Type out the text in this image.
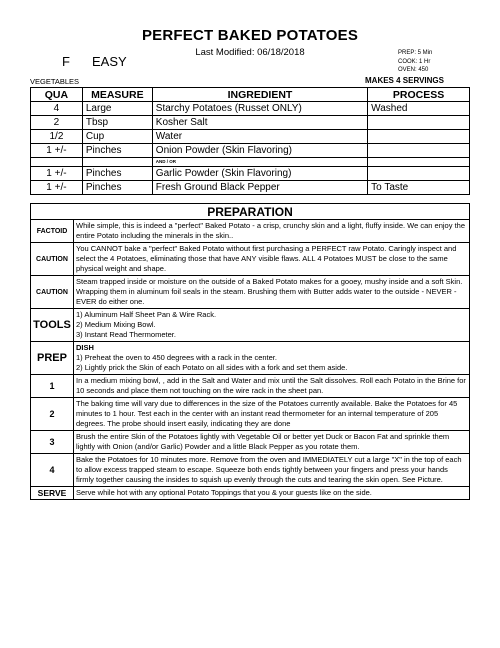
PERFECT BAKED POTATOES
Last Modified: 06/18/2018
F EASY
PREP: 5 Min
COOK: 1 Hr
OVEN: 450
VEGETABLES	MAKES 4 SERVINGS
QUA	MEASURE	INGREDIENT	PROCESS
4	Large	Starchy Potatoes (Russet ONLY)	Washed
2	Tbsp	Kosher Salt	
1/2	Cup	Water	
1 +/-	Pinches	Onion Powder (Skin Flavoring)	
		AND / OR	
1 +/-	Pinches	Garlic Powder (Skin Flavoring)	
1 +/-	Pinches	Fresh Ground Black Pepper	To Taste
PREPARATION	
FACTOID	While simple, this is indeed a "perfect" Baked Potato - a crisp, crunchy skin and a light, fluffy inside. We can enjoy the entire Potato including the minerals in the skin..
CAUTION	You CANNOT bake a "perfect" Baked Potato without first purchasing a PERFECT raw Potato. Caringly inspect and select the 4 Potatoes, eliminating those that have ANY visible flaws. ALL 4 Potatoes MUST be close to the same physical weight and shape.
CAUTION	Steam trapped inside or moisture on the outside of a Baked Potato makes for a gooey, mushy inside and a soft Skin. Wrapping them in aluminum foil seals in the steam. Brushing them with Butter adds water to the outside - NEVER - EVER do either one.
TOOLS	1) Aluminum Half Sheet Pan & Wire Rack.
2) Medium Mixing Bowl.
3) Instant Read Thermometer.

PREP	DISH
1) Preheat the oven to 450 degrees with a rack in the center.
2) Lightly prick the Skin of each Potato on all sides with a fork and set them aside.

1	In a medium mixing bowl, , add in the Salt and Water and mix until the Salt dissolves. Roll each Potato in the Brine for 10 seconds and place them not touching on the wire rack in the sheet pan.
2	The baking time will vary due to differences in the size of the Potatoes currently available. Bake the Potatoes for 45 minutes to 1 hour. Test each in the center with an instant read thermometer for an internal temperature of 205 degrees. The probe should insert easily, indicating they are done
3	Brush the entire Skin of the Potatoes lightly with Vegetable Oil or better yet Duck or Bacon Fat and sprinkle them lightly with Onion (and/or Garlic) Powder and a little Black Pepper as you rotate them.
4	Bake the Potatoes for 10 minutes more. Remove from the oven and IMMEDIATELY cut a large "X" in the top of each to allow excess trapped steam to escape. Squeeze both ends tightly between your fingers and press your hands firmly together causing the insides to squish up evenly through the cuts and tearing the skin open. See Picture.
SERVE	Serve while hot with any optional Potato Toppings that you & your guests like on the side.
